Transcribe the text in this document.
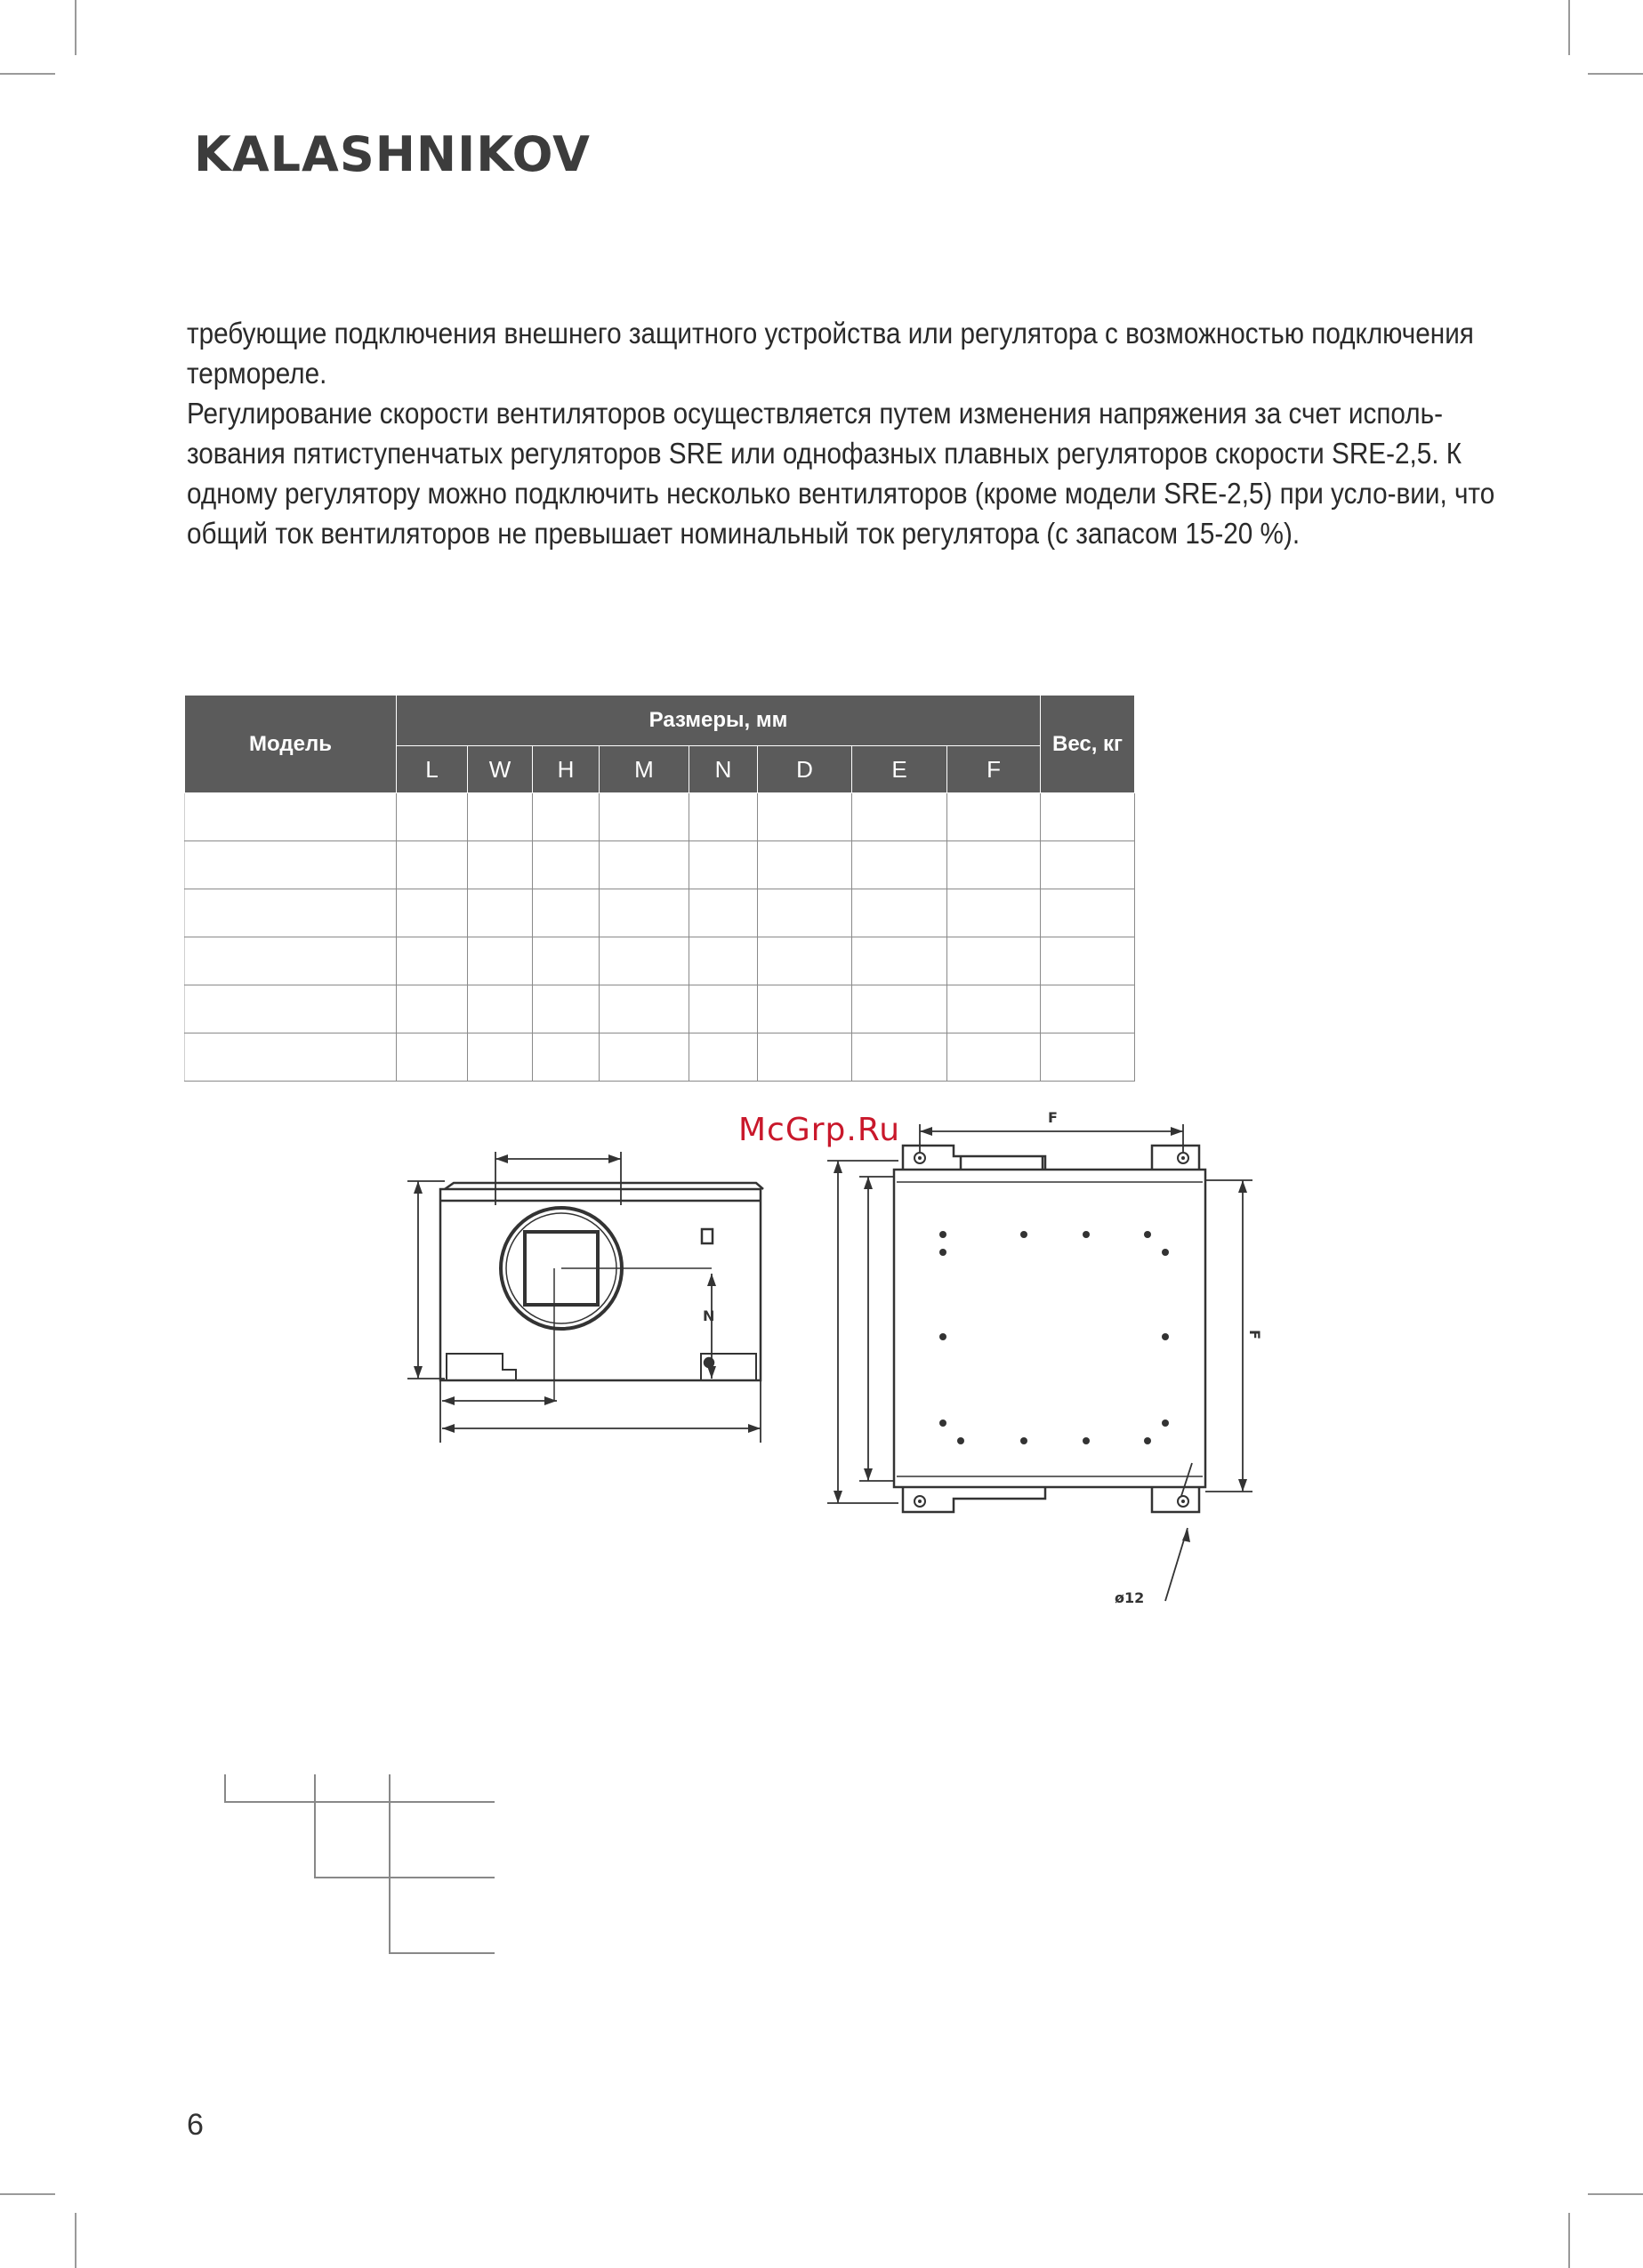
KALASHNIKOV

требующие подключения внешнего защитного устройства или регулятора с возможностью подключения термореле.

Регулирование скорости вентиляторов осуществляется путем изменения напряжения за счет исполь-зования пятиступенчатых регуляторов SRE или однофазных плавных регуляторов скорости SRE-2,5. К одному регулятору можно подключить несколько вентиляторов (кроме модели SRE-2,5) при усло-вии, что общий ток вентиляторов не превышает номинальный ток регулятора (с запасом 15-20 %).

Модель	Размеры, мм								Вес, кг
	L	W	H	M	N	D	E	F	

McGrp.Ru
N
F
F
ø12
6
